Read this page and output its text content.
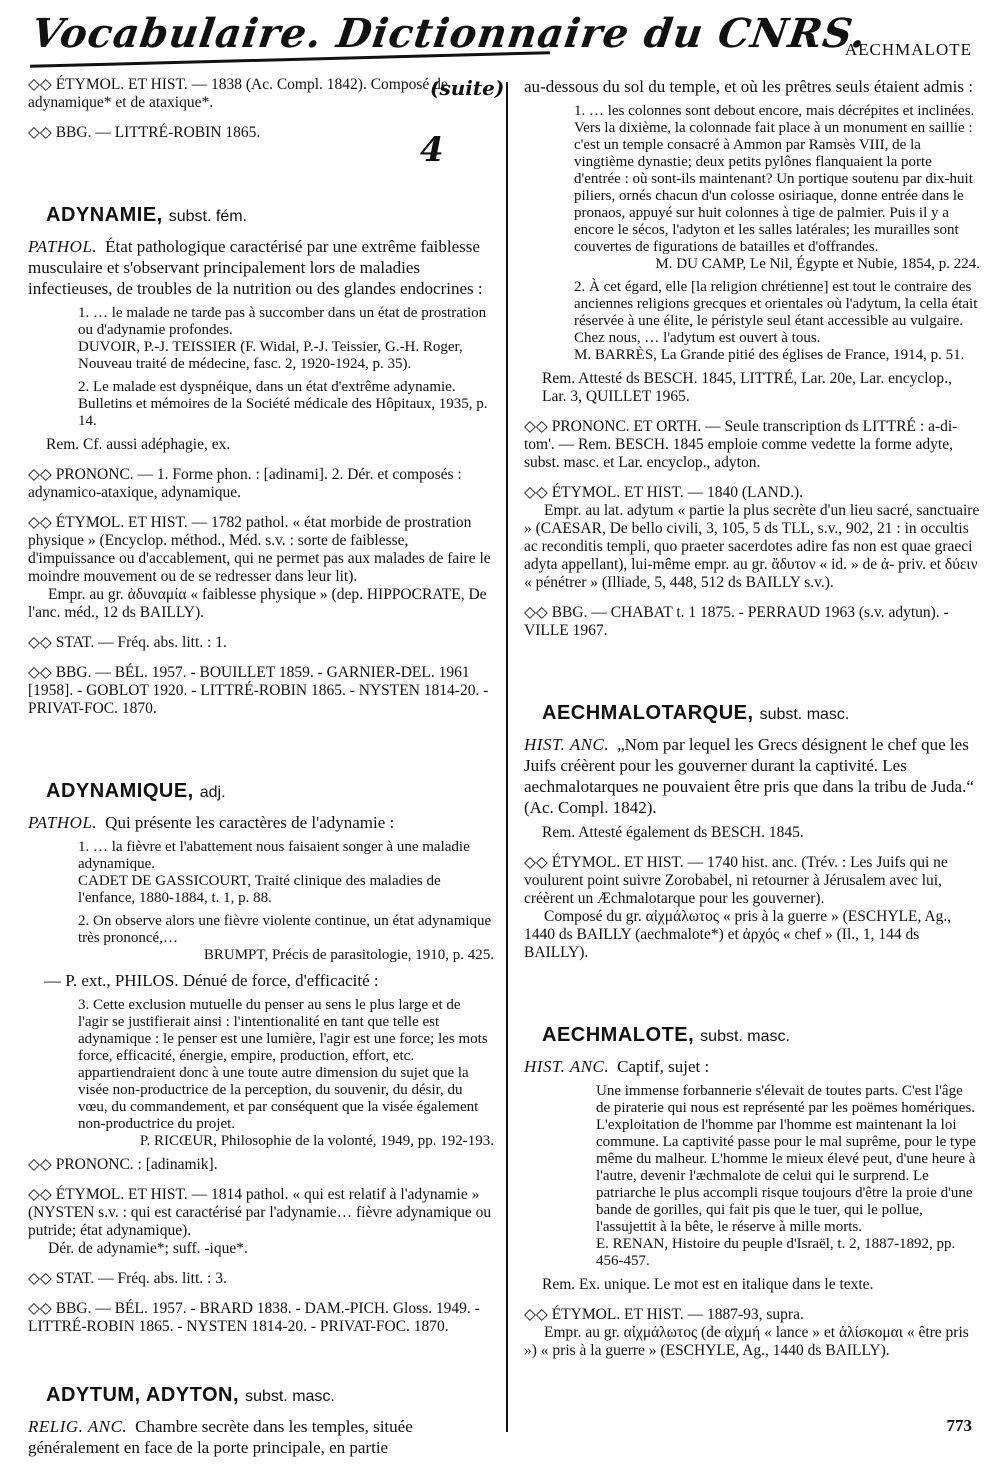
Vocabulaire. Dictionnaire du CNRS.
(suite)
4
AECHMALOTE
◇◇ ÉTYMOL. ET HIST. — 1838 (Ac. Compl. 1842). Composé de adynamique* et de ataxique*.
◇◇ BBG. — LITTRÉ-ROBIN 1865.
ADYNAMIE, subst. fém.
PATHOL. État pathologique caractérisé par une extrême faiblesse musculaire et s'observant principalement lors de maladies infectieuses, de troubles de la nutrition ou des glandes endocrines :
1. … le malade ne tarde pas à succomber dans un état de prostration ou d'adynamie profondes.
DUVOIR, P.-J. TEISSIER (F. Widal, P.-J. Teissier, G.-H. Roger, Nouveau traité de médecine, fasc. 2, 1920-1924, p. 35).
2. Le malade est dyspnéique, dans un état d'extrême adynamie.
Bulletins et mémoires de la Société médicale des Hôpitaux, 1935, p. 14.
Rem. Cf. aussi adéphagie, ex.
◇◇ PRONONC. — 1. Forme phon. : [adinami]. 2. Dér. et composés : adynamico-ataxique, adynamique.
◇◇ ÉTYMOL. ET HIST. — 1782 pathol. « état morbide de prostration physique » (Encyclop. méthod., Méd. s.v. : sorte de faiblesse, d'impuissance ou d'accablement, qui ne permet pas aux malades de faire le moindre mouvement ou de se redresser dans leur lit).
Empr. au gr. ἀδυναμία « faiblesse physique » (dep. HIPPOCRATE, De l'anc. méd., 12 ds BAILLY).
◇◇ STAT. — Fréq. abs. litt. : 1.
◇◇ BBG. — BÉL. 1957. - BOUILLET 1859. - GARNIER-DEL. 1961 [1958]. - GOBLOT 1920. - LITTRÉ-ROBIN 1865. - NYSTEN 1814-20. - PRIVAT-FOC. 1870.
ADYNAMIQUE, adj.
PATHOL. Qui présente les caractères de l'adynamie :
1. … la fièvre et l'abattement nous faisaient songer à une maladie adynamique.
CADET DE GASSICOURT, Traité clinique des maladies de l'enfance, 1880-1884, t. 1, p. 88.
2. On observe alors une fièvre violente continue, un état adynamique très prononcé,…
BRUMPT, Précis de parasitologie, 1910, p. 425.
— P. ext., PHILOS. Dénué de force, d'efficacité :
3. Cette exclusion mutuelle du penser au sens le plus large et de l'agir se justifierait ainsi : l'intentionalité en tant que telle est adynamique : le penser est une lumière, l'agir est une force; les mots force, efficacité, énergie, empire, production, effort, etc. appartiendraient donc à une toute autre dimension du sujet que la visée non-productrice de la perception, du souvenir, du désir, du vœu, du commandement, et par conséquent que la visée également non-productrice du projet.
P. RICŒUR, Philosophie de la volonté, 1949, pp. 192-193.
◇◇ PRONONC. : [adinamik].
◇◇ ÉTYMOL. ET HIST. — 1814 pathol. « qui est relatif à l'adynamie » (NYSTEN s.v. : qui est caractérisé par l'adynamie… fièvre adynamique ou putride; état adynamique).
Dér. de adynamie*; suff. -ique*.
◇◇ STAT. — Fréq. abs. litt. : 3.
◇◇ BBG. — BÉL. 1957. - BRARD 1838. - DAM.-PICH. Gloss. 1949. - LITTRÉ-ROBIN 1865. - NYSTEN 1814-20. - PRIVAT-FOC. 1870.
ADYTUM, ADYTON, subst. masc.
RELIG. ANC. Chambre secrète dans les temples, située généralement en face de la porte principale, en partie
au-dessous du sol du temple, et où les prêtres seuls étaient admis :
1. … les colonnes sont debout encore, mais décrépites et inclinées. Vers la dixième, la colonnade fait place à un monument en saillie : c'est un temple consacré à Ammon par Ramsès VIII, de la vingtième dynastie; deux petits pylônes flanquaient la porte d'entrée : où sont-ils maintenant? Un portique soutenu par dix-huit piliers, ornés chacun d'un colosse osiriaque, donne entrée dans le pronaos, appuyé sur huit colonnes à tige de palmier. Puis il y a encore le sécos, l'adyton et les salles latérales; les murailles sont couvertes de figurations de batailles et d'offrandes.
M. DU CAMP, Le Nil, Égypte et Nubie, 1854, p. 224.
2. À cet égard, elle [la religion chrétienne] est tout le contraire des anciennes religions grecques et orientales où l'adytum, la cella était réservée à une élite, le péristyle seul étant accessible au vulgaire. Chez nous, … l'adytum est ouvert à tous.
M. BARRÈS, La Grande pitié des églises de France, 1914, p. 51.
Rem. Attesté ds BESCH. 1845, LITTRÉ, Lar. 20e, Lar. encyclop., Lar. 3, QUILLET 1965.
◇◇ PRONONC. ET ORTH. — Seule transcription ds LITTRÉ : a-di-tom'. — Rem. BESCH. 1845 emploie comme vedette la forme adyte, subst. masc. et Lar. encyclop., adyton.
◇◇ ÉTYMOL. ET HIST. — 1840 (LAND.).
Empr. au lat. adytum « partie la plus secrète d'un lieu sacré, sanctuaire » (CAESAR, De bello civili, 3, 105, 5 ds TLL, s.v., 902, 21 : in occultis ac reconditis templi, quo praeter sacerdotes adire fas non est quae graeci adyta appellant), lui-même empr. au gr. ἄδυτον « id. » de ἀ- priv. et δύειν « pénétrer » (Illiade, 5, 448, 512 ds BAILLY s.v.).
◇◇ BBG. — CHABAT t. 1 1875. - PERRAUD 1963 (s.v. adytun). - VILLE 1967.
AECHMALOTARQUE, subst. masc.
HIST. ANC. „Nom par lequel les Grecs désignent le chef que les Juifs créèrent pour les gouverner durant la captivité. Les aechmalotarques ne pouvaient être pris que dans la tribu de Juda.“ (Ac. Compl. 1842).
Rem. Attesté également ds BESCH. 1845.
◇◇ ÉTYMOL. ET HIST. — 1740 hist. anc. (Trév. : Les Juifs qui ne voulurent point suivre Zorobabel, ni retourner à Jérusalem avec lui, créèrent un Æchmalotarque pour les gouverner).
Composé du gr. αἰχμάλωτος « pris à la guerre » (ESCHYLE, Ag., 1440 ds BAILLY (aechmalote*) et ἀρχός « chef » (Il., 1, 144 ds BAILLY).
AECHMALOTE, subst. masc.
HIST. ANC. Captif, sujet :
Une immense forbannerie s'élevait de toutes parts. C'est l'âge de piraterie qui nous est représenté par les poëmes homériques. L'exploitation de l'homme par l'homme est maintenant la loi commune. La captivité passe pour le mal suprême, pour le type même du malheur. L'homme le mieux élevé peut, d'une heure à l'autre, devenir l'æchmalote de celui qui le surprend. Le patriarche le plus accompli risque toujours d'être la proie d'une bande de gorilles, qui fait pis que le tuer, qui le pollue, l'assujettit à la bête, le réserve à mille morts.
E. RENAN, Histoire du peuple d'Israël, t. 2, 1887-1892, pp. 456-457.
Rem. Ex. unique. Le mot est en italique dans le texte.
◇◇ ÉTYMOL. ET HIST. — 1887-93, supra.
Empr. au gr. αἰχμάλωτος (de αἰχμή « lance » et ἁλίσκομαι « être pris ») « pris à la guerre » (ESCHYLE, Ag., 1440 ds BAILLY).
773
